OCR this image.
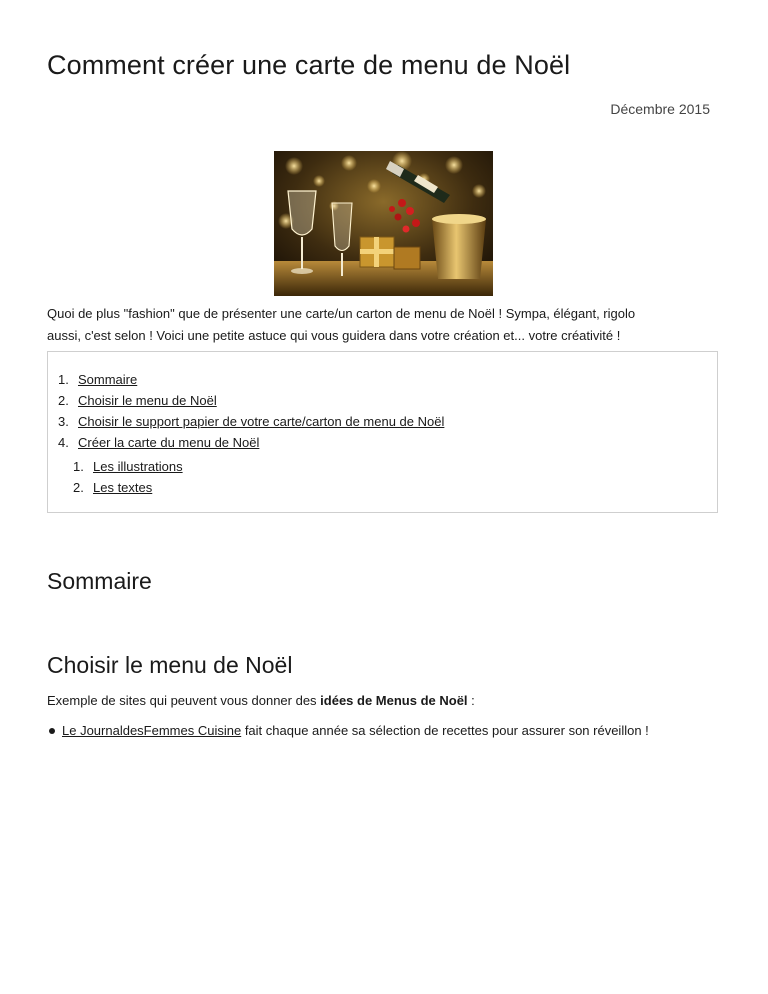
Comment créer une carte de menu de Noël
Décembre 2015

Quoi de plus "fashion" que de présenter une carte/un carton de menu de Noël ! Sympa, élégant, rigolo
aussi, c'est selon ! Voici une petite astuce qui vous guidera dans votre création et... votre créativité !

1. Sommaire
2. Choisir le menu de Noël
3. Choisir le support papier de votre carte/carton de menu de Noël
4. Créer la carte du menu de Noël
1. Les illustrations
2. Les textes
Sommaire
Choisir le menu de Noël

Exemple de sites qui peuvent vous donner des idées de Menus de Noël :

Le JournaldesFemmes Cuisine fait chaque année sa sélection de recettes pour assurer son réveillon !
